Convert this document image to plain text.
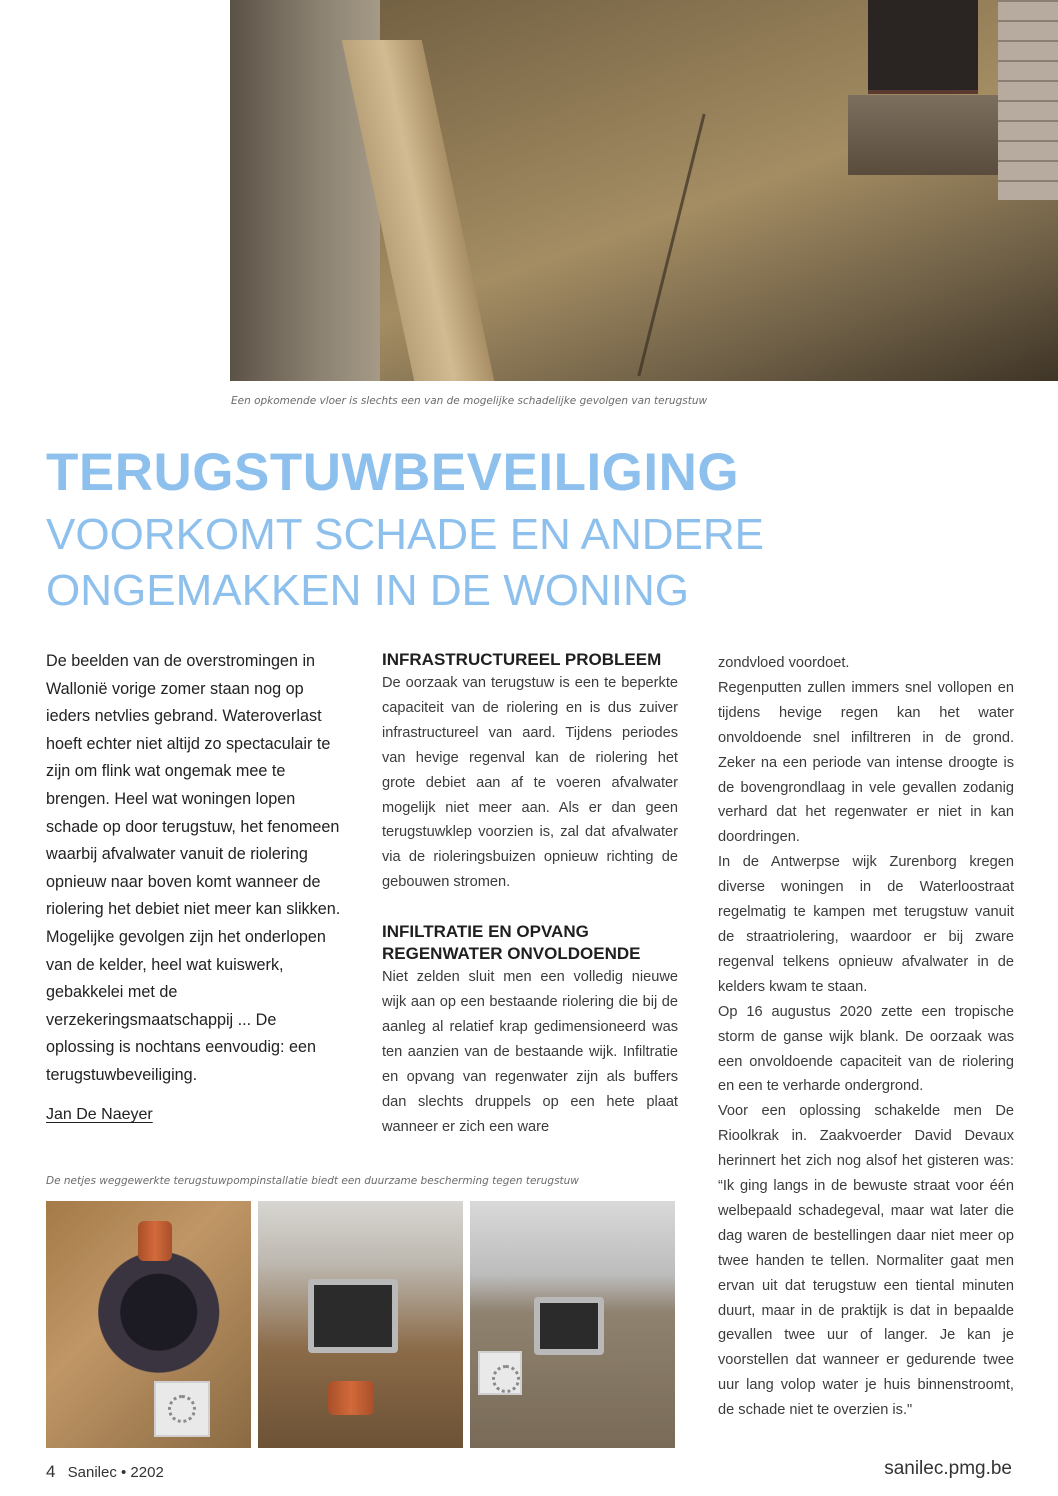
Een opkomende vloer is slechts een van de mogelijke schadelijke gevolgen van terugstuw
TERUGSTUWBEVEILIGING
VOORKOMT SCHADE EN ANDERE
ONGEMAKKEN IN DE WONING
De beelden van de overstromingen in Wallonië vorige zomer staan nog op ieders netvlies gebrand. Wateroverlast hoeft echter niet altijd zo spectaculair te zijn om flink wat ongemak mee te brengen. Heel wat woningen lopen schade op door terugstuw, het fenomeen waarbij afvalwater vanuit de riolering opnieuw naar boven komt wanneer de riolering het debiet niet meer kan slikken. Mogelijke gevolgen zijn het onderlopen van de kelder, heel wat kuiswerk, gebakkelei met de verzekeringsmaatschappij ... De oplossing is nochtans eenvoudig: een terugstuwbeveiliging.
Jan De Naeyer
INFRASTRUCTUREEL PROBLEEM

De oorzaak van terugstuw is een te beperkte capaciteit van de riolering en is dus zuiver infrastructureel van aard. Tijdens periodes van hevige regenval kan de riolering het grote debiet aan af te voeren afvalwater mogelijk niet meer aan. Als er dan geen terugstuwklep voorzien is, zal dat afvalwater via de rioleringsbuizen opnieuw richting de gebouwen stromen.

INFILTRATIE EN OPVANG
REGENWATER ONVOLDOENDE

Niet zelden sluit men een volledig nieuwe wijk aan op een bestaande riolering die bij de aanleg al relatief krap gedimensioneerd was ten aanzien van de bestaande wijk. Infiltratie en opvang van regenwater zijn als buffers dan slechts druppels op een hete plaat wanneer er zich een ware

zondvloed voordoet.

Regenputten zullen immers snel vollopen en tijdens hevige regen kan het water onvoldoende snel infiltreren in de grond. Zeker na een periode van intense droogte is de bovengrondlaag in vele gevallen zodanig verhard dat het regenwater er niet in kan doordringen.

In de Antwerpse wijk Zurenborg kregen diverse woningen in de Waterloostraat regelmatig te kampen met terugstuw vanuit de straatriolering, waardoor er bij zware regenval telkens opnieuw afvalwater in de kelders kwam te staan.

Op 16 augustus 2020 zette een tropische storm de ganse wijk blank. De oorzaak was een onvoldoende capaciteit van de riolering en een te verharde ondergrond.

Voor een oplossing schakelde men De Rioolkrak in. Zaakvoerder David Devaux herinnert het zich nog alsof het gisteren was: “Ik ging langs in de bewuste straat voor één welbepaald schadegeval, maar wat later die dag waren de bestellingen daar niet meer op twee handen te tellen. Normaliter gaat men ervan uit dat terugstuw een tiental minuten duurt, maar in de praktijk is dat in bepaalde gevallen twee uur of langer. Je kan je voorstellen dat wanneer er gedurende twee uur lang volop water je huis binnenstroomt, de schade niet te overzien is."

De netjes weggewerkte terugstuwpompinstallatie biedt een duurzame bescherming tegen terugstuw
4 Sanilec • 2202	sanilec.pmg.be
